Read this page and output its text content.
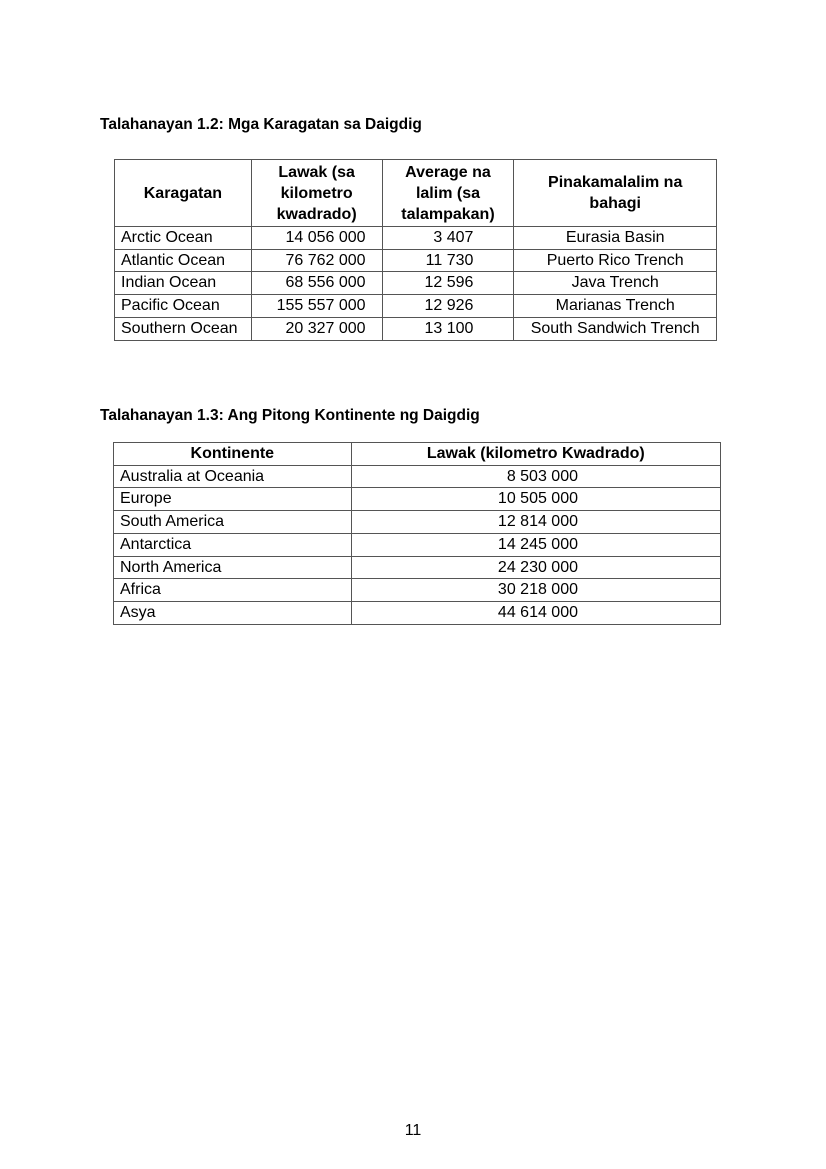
Talahanayan 1.2: Mga Karagatan sa Daigdig
Karagatan	Lawak (sa kilometro kwadrado)	Average na lalim (sa talampakan)	Pinakamalalim na bahagi
Arctic Ocean	14 056 000	3 407	Eurasia Basin
Atlantic Ocean	76 762 000	11 730	Puerto Rico Trench
Indian Ocean	68 556 000	12 596	Java Trench
Pacific Ocean	155 557 000	12 926	Marianas Trench
Southern Ocean	20 327 000	13 100	South Sandwich Trench
Talahanayan 1.3: Ang Pitong Kontinente ng Daigdig
Kontinente	Lawak (kilometro Kwadrado)
Australia at Oceania	8 503 000
Europe	10 505 000
South America	12 814 000
Antarctica	14 245 000
North America	24 230 000
Africa	30 218 000
Asya	44 614 000
11
